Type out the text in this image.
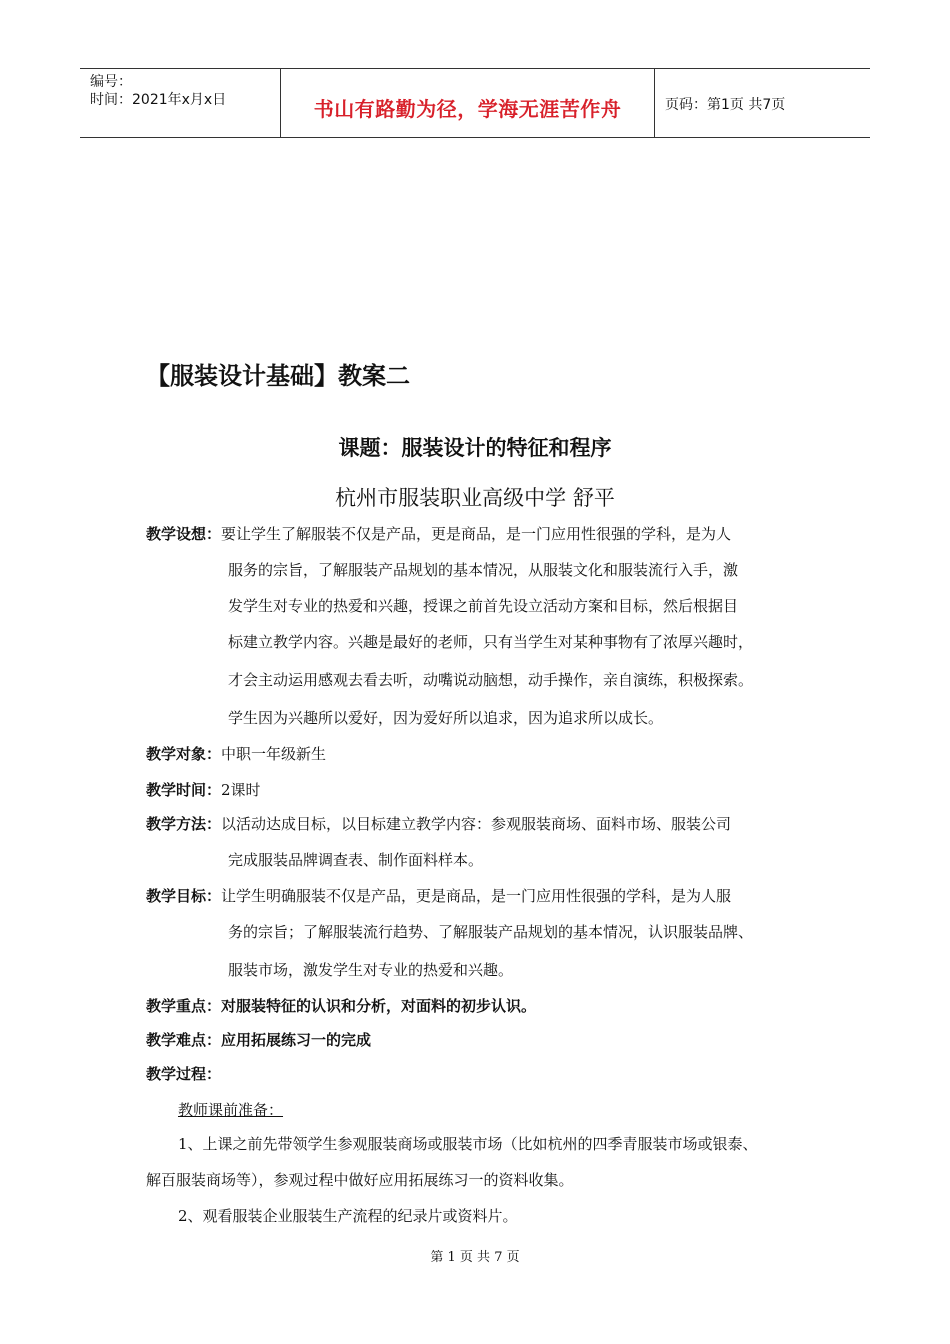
编号：
时间：2021年x月x日	书山有路勤为径，学海无涯苦作舟	页码：第1页 共7页
【服装设计基础】教案二
课题：服装设计的特征和程序
杭州市服装职业高级中学 舒平
教学设想：要让学生了解服装不仅是产品，更是商品，是一门应用性很强的学科，是为人
服务的宗旨，了解服装产品规划的基本情况，从服装文化和服装流行入手，激
发学生对专业的热爱和兴趣，授课之前首先设立活动方案和目标，然后根据目
标建立教学内容。兴趣是最好的老师，只有当学生对某种事物有了浓厚兴趣时，
才会主动运用感观去看去听，动嘴说动脑想，动手操作，亲自演练，积极探索。
学生因为兴趣所以爱好，因为爱好所以追求，因为追求所以成长。
教学对象：中职一年级新生
教学时间：2课时
教学方法：以活动达成目标，以目标建立教学内容：参观服装商场、面料市场、服装公司
完成服装品牌调查表、制作面料样本。
教学目标：让学生明确服装不仅是产品，更是商品，是一门应用性很强的学科，是为人服
务的宗旨；了解服装流行趋势、了解服装产品规划的基本情况，认识服装品牌、
服装市场，激发学生对专业的热爱和兴趣。
教学重点：对服装特征的认识和分析，对面料的初步认识。
教学难点：应用拓展练习一的完成
教学过程：
教师课前准备：
1、上课之前先带领学生参观服装商场或服装市场（比如杭州的四季青服装市场或银泰、
解百服装商场等），参观过程中做好应用拓展练习一的资料收集。
2、观看服装企业服装生产流程的纪录片或资料片。
第 1 页 共 7 页
